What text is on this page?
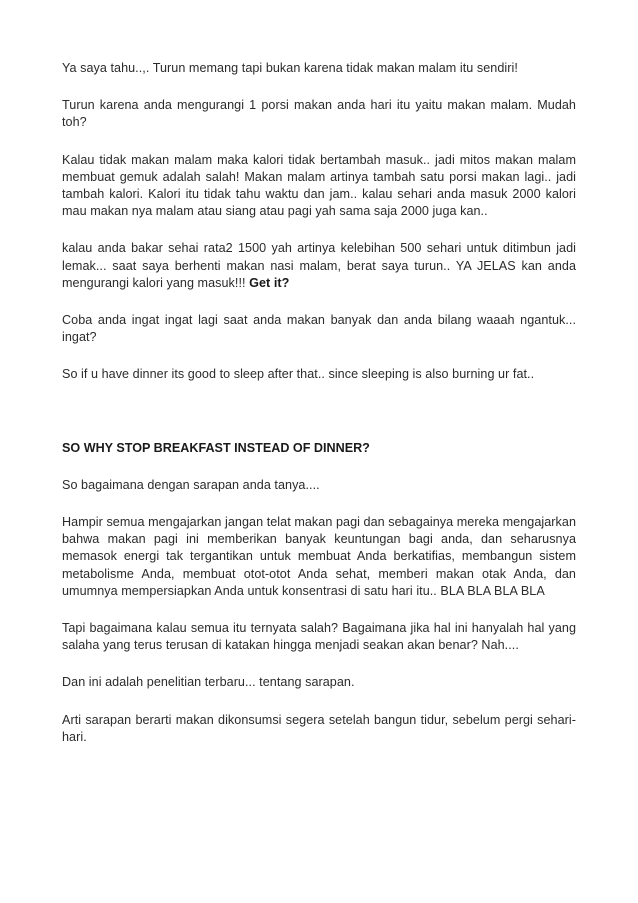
Ya saya tahu..,. Turun memang tapi bukan karena tidak makan malam itu sendiri!

Turun karena anda mengurangi 1 porsi makan anda hari itu yaitu makan malam. Mudah toh?

Kalau tidak makan malam maka kalori tidak bertambah masuk.. jadi mitos makan malam membuat gemuk adalah salah! Makan malam artinya tambah satu porsi makan lagi.. jadi tambah kalori. Kalori itu tidak tahu waktu dan jam.. kalau sehari anda masuk 2000 kalori mau makan nya malam atau siang atau pagi yah sama saja 2000 juga kan..

kalau anda bakar sehai rata2 1500 yah artinya kelebihan 500 sehari untuk ditimbun jadi lemak... saat saya berhenti makan nasi malam, berat saya turun.. YA JELAS kan anda mengurangi kalori yang masuk!!! Get it?

Coba anda ingat ingat lagi saat anda makan banyak dan anda bilang waaah ngantuk... ingat?

So if u have dinner its good to sleep after that.. since sleeping is also burning ur fat..

SO WHY STOP BREAKFAST INSTEAD OF DINNER?

So bagaimana dengan sarapan anda tanya....

Hampir semua mengajarkan jangan telat makan pagi dan sebagainya mereka mengajarkan bahwa makan pagi ini memberikan banyak keuntungan bagi anda, dan seharusnya memasok energi tak tergantikan untuk membuat Anda berkatifias, membangun sistem metabolisme Anda, membuat otot-otot Anda sehat, memberi makan otak Anda, dan umumnya mempersiapkan Anda untuk konsentrasi di satu hari itu.. BLA BLA BLA BLA

Tapi bagaimana kalau semua itu ternyata salah? Bagaimana jika hal ini hanyalah hal yang salaha yang terus terusan di katakan hingga menjadi seakan akan benar? Nah....

Dan ini adalah penelitian terbaru... tentang sarapan.

Arti sarapan berarti makan dikonsumsi segera setelah bangun tidur, sebelum pergi sehari-hari.
